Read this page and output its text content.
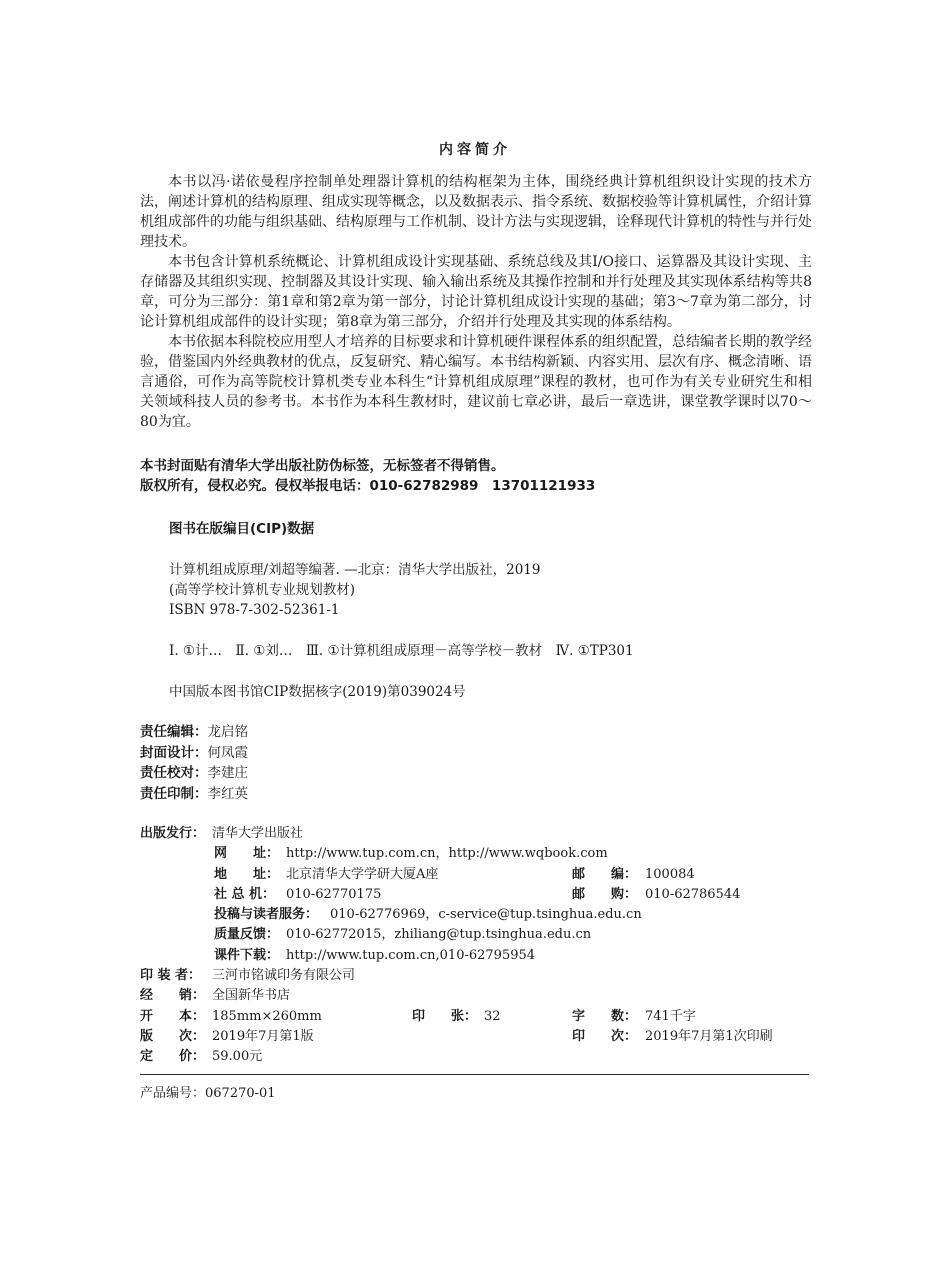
内容简介

本书以冯·诺依曼程序控制单处理器计算机的结构框架为主体，围绕经典计算机组织设计实现的技术方法，阐述计算机的结构原理、组成实现等概念，以及数据表示、指令系统、数据校验等计算机属性，介绍计算机组成部件的功能与组织基础、结构原理与工作机制、设计方法与实现逻辑，诠释现代计算机的特性与并行处理技术。

本书包含计算机系统概论、计算机组成设计实现基础、系统总线及其I/O接口、运算器及其设计实现、主存储器及其组织实现、控制器及其设计实现、输入输出系统及其操作控制和并行处理及其实现体系结构等共8章，可分为三部分：第1章和第2章为第一部分，讨论计算机组成设计实现的基础；第3～7章为第二部分，讨论计算机组成部件的设计实现；第8章为第三部分，介绍并行处理及其实现的体系结构。

本书依据本科院校应用型人才培养的目标要求和计算机硬件课程体系的组织配置，总结编者长期的教学经验，借鉴国内外经典教材的优点，反复研究、精心编写。本书结构新颖、内容实用、层次有序、概念清晰、语言通俗，可作为高等院校计算机类专业本科生“计算机组成原理”课程的教材，也可作为有关专业研究生和相关领域科技人员的参考书。本书作为本科生教材时，建议前七章必讲，最后一章选讲，课堂教学课时以70～80为宜。

本书封面贴有清华大学出版社防伪标签，无标签者不得销售。
版权所有，侵权必究。侵权举报电话：010-62782989　13701121933
图书在版编目(CIP)数据
计算机组成原理/刘超等编著. —北京：清华大学出版社，2019
(高等学校计算机专业规划教材)
ISBN 978-7-302-52361-1
Ⅰ. ①计…　Ⅱ. ①刘…　Ⅲ. ①计算机组成原理－高等学校－教材　Ⅳ. ①TP301
中国版本图书馆CIP数据核字(2019)第039024号
责任编辑：龙启铭
封面设计：何凤霞
责任校对：李建庄
责任印制：李红英
出版发行： 清华大学出版社
网　　址： http://www.tup.com.cn，http://www.wqbook.com
地　　址： 北京清华大学学研大厦A座	邮　　编： 100084
社 总 机： 010-62770175	邮　　购： 010-62786544
投稿与读者服务： 010-62776969，c-service@tup.tsinghua.edu.cn
质量反馈： 010-62772015，zhiliang@tup.tsinghua.edu.cn
课件下载： http://www.tup.com.cn,010-62795954
印 装 者： 三河市铭诚印务有限公司
经　　销： 全国新华书店
开　　本： 185mm×260mm	印　　张： 32	字　　数： 741千字
版　　次： 2019年7月第1版	印　　次： 2019年7月第1次印刷
定　　价： 59.00元
产品编号：067270-01
